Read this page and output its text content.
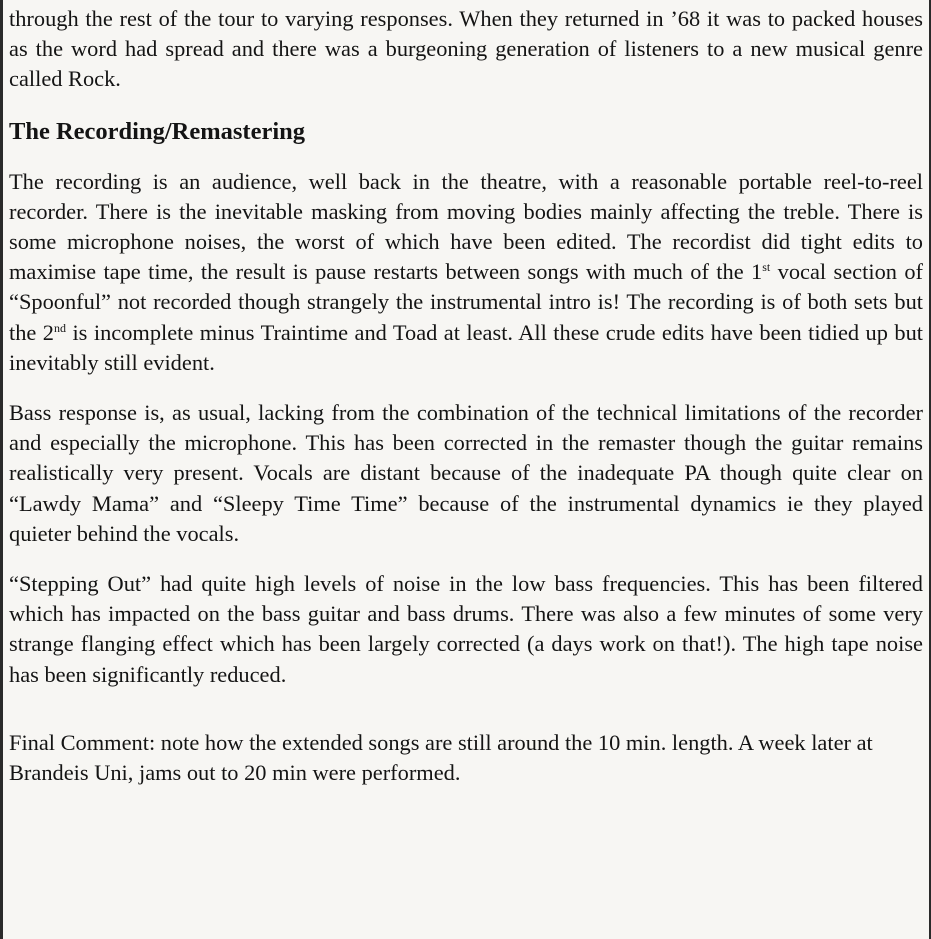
through the rest of the tour to varying responses. When they returned in ’68 it was to packed houses as the word had spread and there was a burgeoning generation of listeners to a new musical genre called Rock.

The Recording/Remastering

The recording is an audience, well back in the theatre, with a reasonable portable reel-to-reel recorder. There is the inevitable masking from moving bodies mainly affecting the treble. There is some microphone noises, the worst of which have been edited. The recordist did tight edits to maximise tape time, the result is pause restarts between songs with much of the 1st vocal section of “Spoonful” not recorded though strangely the instrumental intro is! The recording is of both sets but the 2nd is incomplete minus Traintime and Toad at least. All these crude edits have been tidied up but inevitably still evident.

Bass response is, as usual, lacking from the combination of the technical limitations of the recorder and especially the microphone. This has been corrected in the remaster though the guitar remains realistically very present. Vocals are distant because of the inadequate PA though quite clear on “Lawdy Mama” and “Sleepy Time Time” because of the instrumental dynamics ie they played quieter behind the vocals.

“Stepping Out” had quite high levels of noise in the low bass frequencies. This has been filtered which has impacted on the bass guitar and bass drums. There was also a few minutes of some very strange flanging effect which has been largely corrected (a days work on that!). The high tape noise has been significantly reduced.

Final Comment: note how the extended songs are still around the 10 min. length. A week later at Brandeis Uni, jams out to 20 min were performed.
